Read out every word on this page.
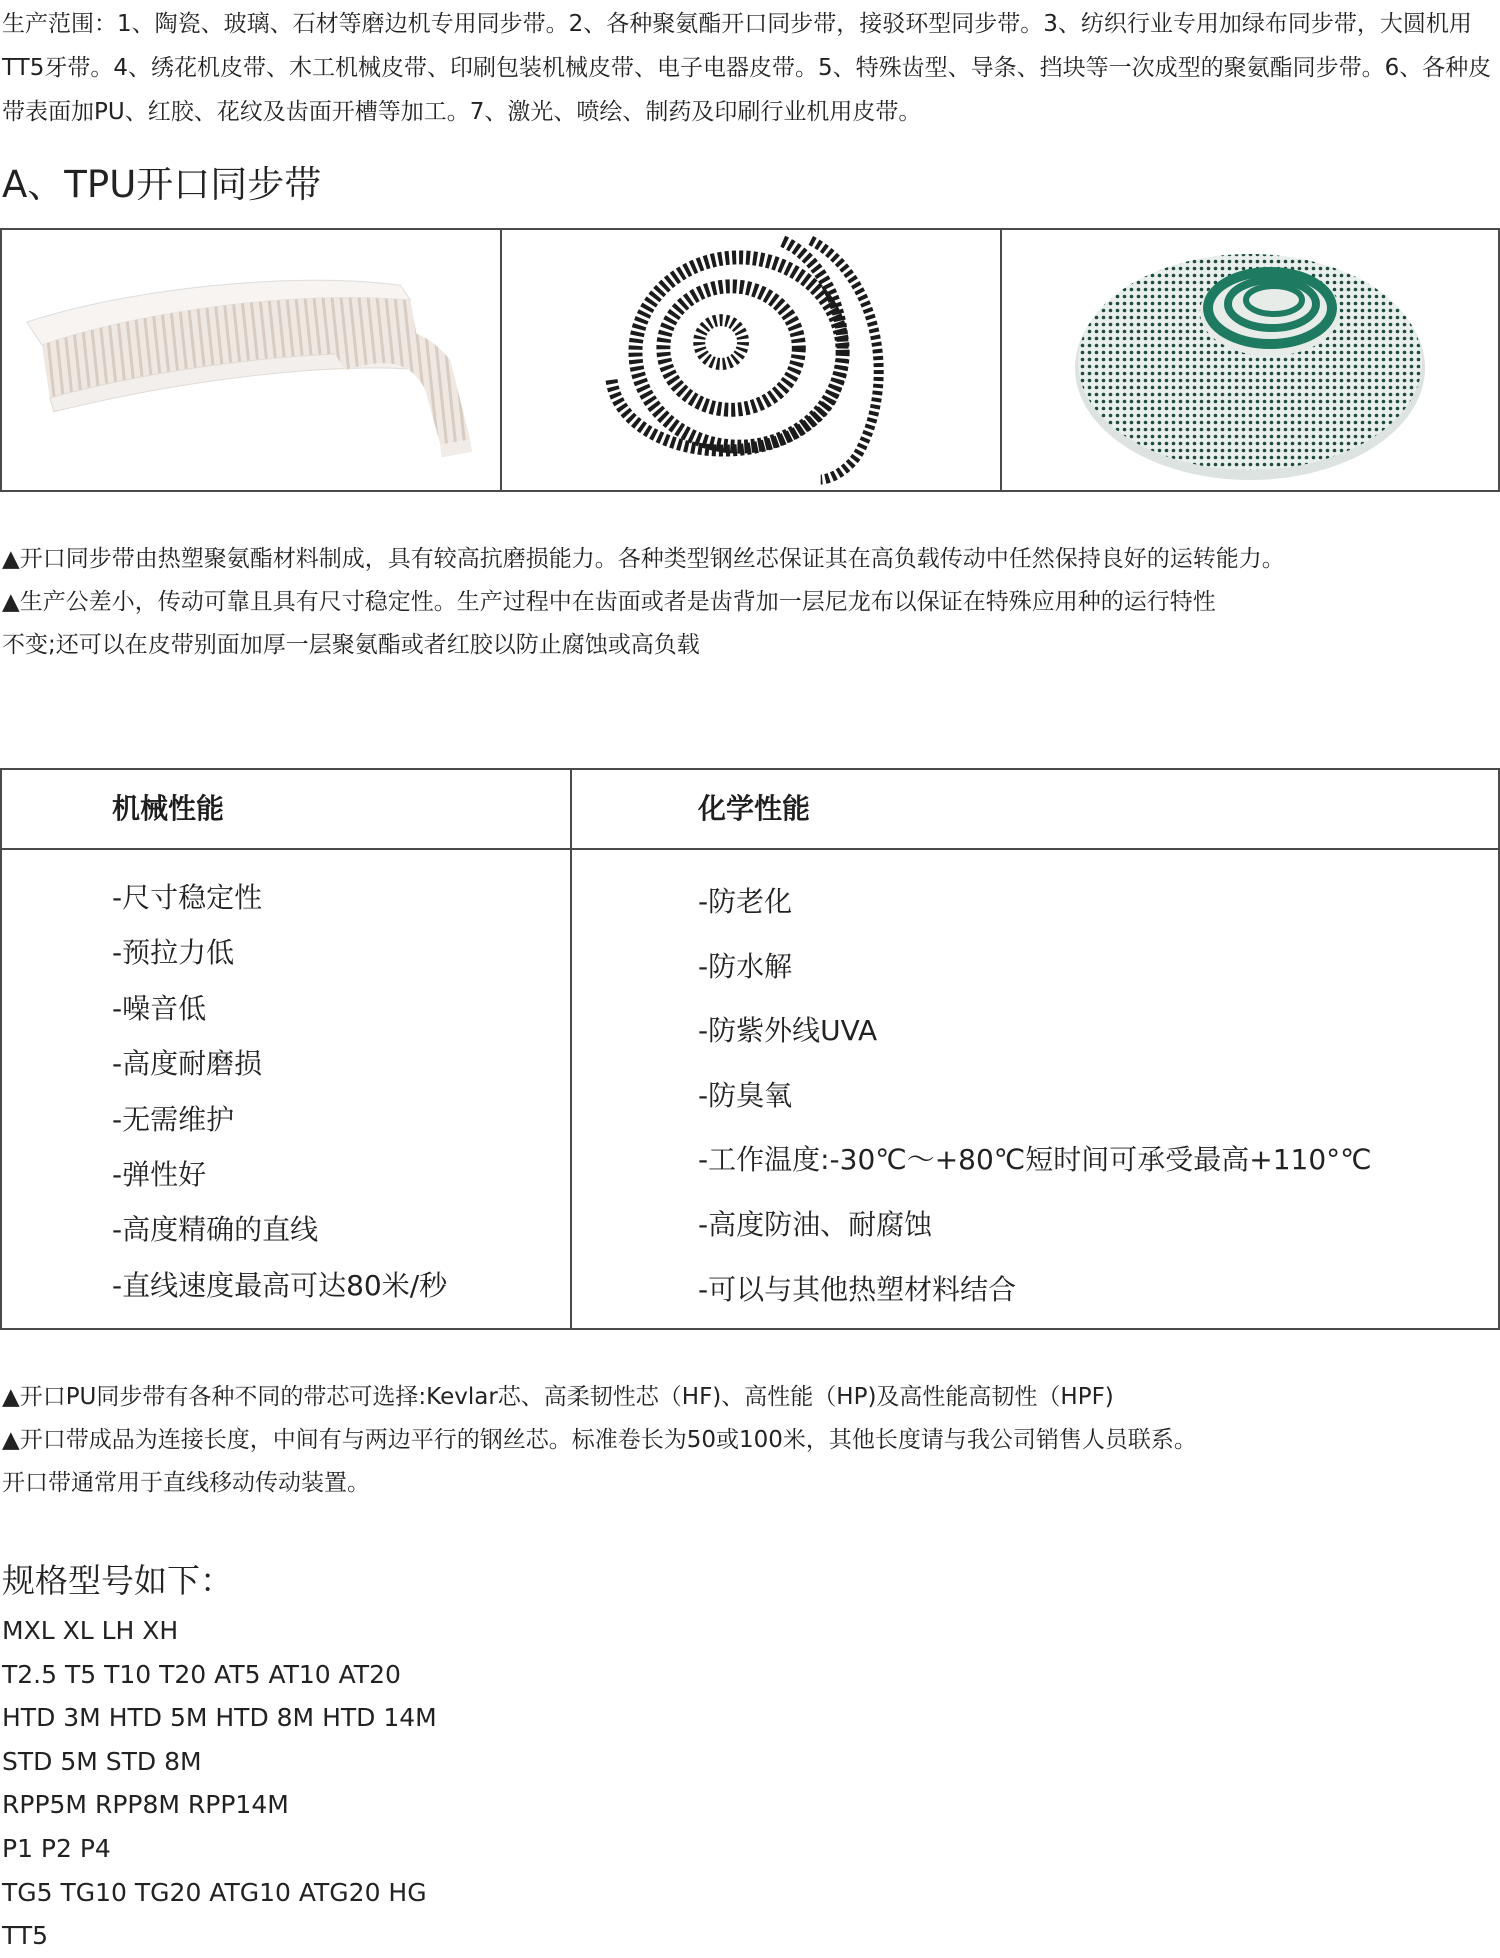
生产范围：1、陶瓷、玻璃、石材等磨边机专用同步带。2、各种聚氨酯开口同步带，接驳环型同步带。3、纺织行业专用加绿布同步带，大圆机用TT5牙带。4、绣花机皮带、木工机械皮带、印刷包装机械皮带、电子电器皮带。5、特殊齿型、导条、挡块等一次成型的聚氨酯同步带。6、各种皮带表面加PU、红胶、花纹及齿面开槽等加工。7、激光、喷绘、制药及印刷行业机用皮带。
A、TPU开口同步带

▲开口同步带由热塑聚氨酯材料制成，具有较高抗磨损能力。各种类型钢丝芯保证其在高负载传动中任然保持良好的运转能力。

▲生产公差小，传动可靠且具有尺寸稳定性。生产过程中在齿面或者是齿背加一层尼龙布以保证在特殊应用种的运行特性

不变;还可以在皮带别面加厚一层聚氨酯或者红胶以防止腐蚀或高负载

机械性能	化学性能
-尺寸稳定性
-预拉力低
-噪音低
-高度耐磨损
-无需维护
-弹性好
-高度精确的直线
-直线速度最高可达80米/秒
-防老化
-防水解
-防紫外线UVA
-防臭氧
-工作温度:-30℃～+80℃短时间可承受最高+110°℃
-高度防油、耐腐蚀
-可以与其他热塑材料结合

▲开口PU同步带有各种不同的带芯可选择:Kevlar芯、高柔韧性芯（HF)、高性能（HP)及高性能高韧性（HPF)

▲开口带成品为连接长度，中间有与两边平行的钢丝芯。标准卷长为50或100米，其他长度请与我公司销售人员联系。

开口带通常用于直线移动传动装置。

规格型号如下：

MXL XL LH XH

T2.5 T5 T10 T20 AT5 AT10 AT20

HTD 3M HTD 5M HTD 8M HTD 14M

STD 5M STD 8M

RPP5M RPP8M RPP14M

P1 P2 P4

TG5 TG10 TG20 ATG10 ATG20 HG

TT5
